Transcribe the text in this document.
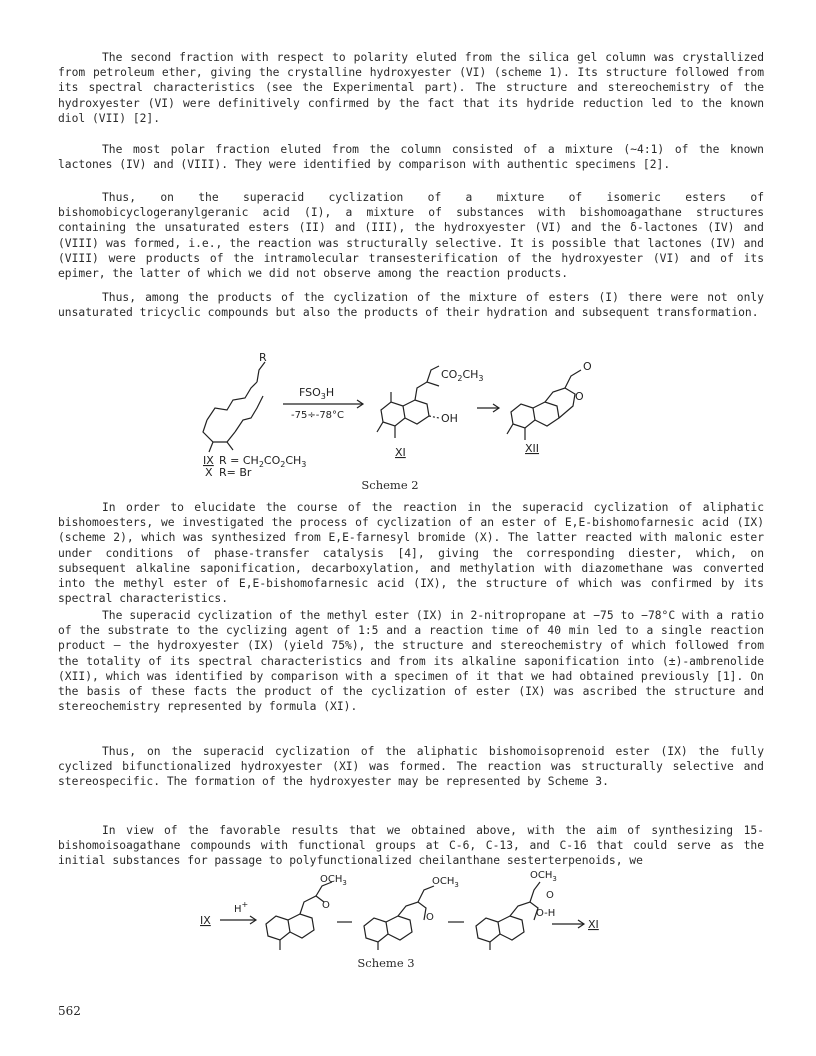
The second fraction with respect to polarity eluted from the silica gel column was crystallized from petroleum ether, giving the crystalline hydroxyester (VI) (scheme 1). Its structure followed from its spectral characteristics (see the Experimental part). The structure and stereochemistry of the hydroxyester (VI) were definitively confirmed by the fact that its hydride reduction led to the known diol (VII) [2].

The most polar fraction eluted from the column consisted of a mixture (~4:1) of the known lactones (IV) and (VIII). They were identified by comparison with authentic specimens [2].

Thus, on the superacid cyclization of a mixture of isomeric esters of bishomobicyclogeranylgeranic acid (I), a mixture of substances with bishomoagathane structures containing the unsaturated esters (II) and (III), the hydroxyester (VI) and the δ-lactones (IV) and (VIII) was formed, i.e., the reaction was structurally selective. It is possible that lactones (IV) and (VIII) were products of the intramolecular transesterification of the hydroxyester (VI) and of its epimer, the latter of which we did not observe among the reaction products.

Thus, among the products of the cyclization of the mixture of esters (I) there were not only unsaturated tricyclic compounds but also the products of their hydration and subsequent transformation.

R
$FSO_3H$
-75÷-78°C
$CO_2CH_3$
OH
O
O
IX $R = CH_2CO_2CH_3$
X R= Br
XI	XII
Scheme 2

In order to elucidate the course of the reaction in the superacid cyclization of aliphatic bishomoesters, we investigated the process of cyclization of an ester of E,E-bishomofarnesic acid (IX) (scheme 2), which was synthesized from E,E-farnesyl bromide (X). The latter reacted with malonic ester under conditions of phase-transfer catalysis [4], giving the corresponding diester, which, on subsequent alkaline saponification, decarboxylation, and methylation with diazomethane was converted into the methyl ester of E,E-bishomofarnesic acid (IX), the structure of which was confirmed by its spectral characteristics.

The superacid cyclization of the methyl ester (IX) in 2-nitropropane at −75 to −78°C with a ratio of the substrate to the cyclizing agent of 1:5 and a reaction time of 40 min led to a single reaction product — the hydroxyester (IX) (yield 75%), the structure and stereochemistry of which followed from the totality of its spectral characteristics and from its alkaline saponification into (±)-ambrenolide (XII), which was identified by comparison with a specimen of it that we had obtained previously [1]. On the basis of these facts the product of the cyclization of ester (IX) was ascribed the structure and stereochemistry represented by formula (XI).

Thus, on the superacid cyclization of the aliphatic bishomoisoprenoid ester (IX) the fully cyclized bifunctionalized hydroxyester (XI) was formed. The reaction was structurally selective and stereospecific. The formation of the hydroxyester may be represented by Scheme 3.

In view of the favorable results that we obtained above, with the aim of synthesizing 15-bishomoisoagathane compounds with functional groups at C-6, C-13, and C-16 that could serve as the initial substances for passage to polyfunctionalized cheilanthane sesterterpenoids, we

IX
H+
$OCH_3$
O
$OCH_3$
O
$OCH_3$
O
O-H
XI
Scheme 3
562
